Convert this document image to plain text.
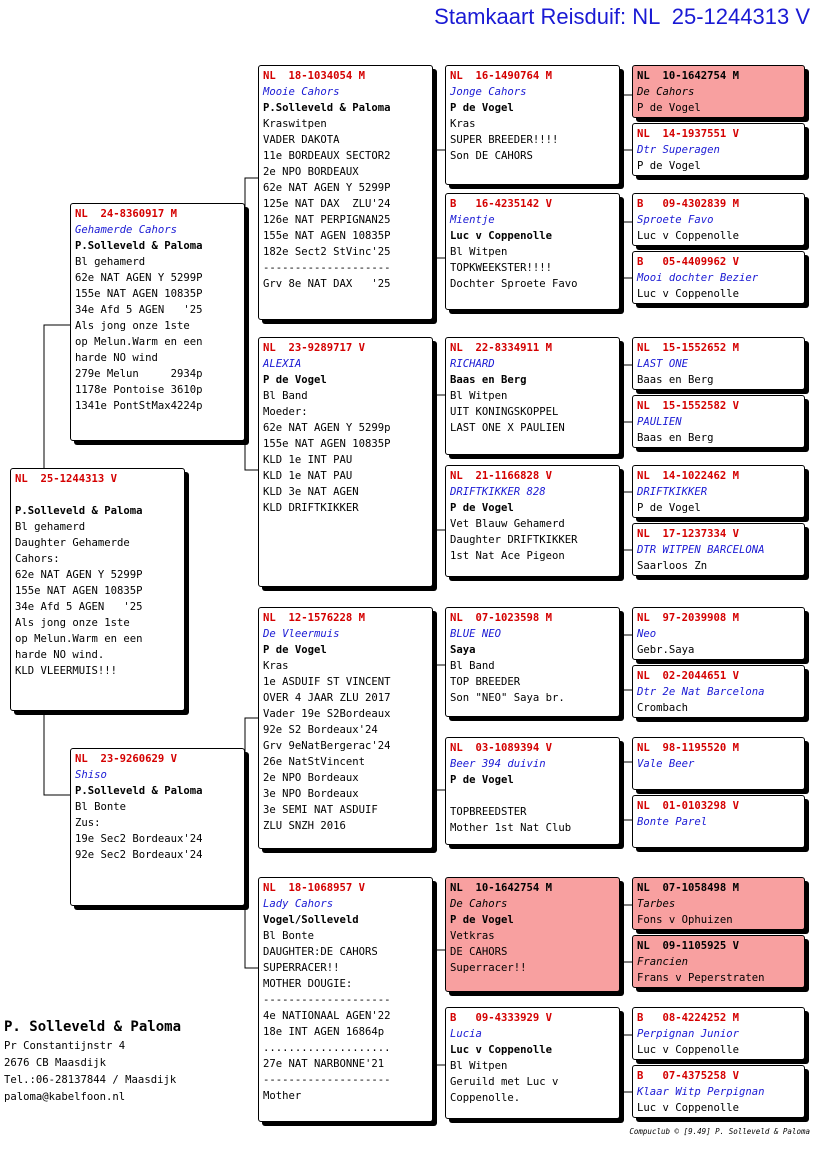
Stamkaart Reisduif: NL  25-1244313 V
NL  25-1244313 V
P.Solleveld & Paloma
Bl gehamerd
Daughter Gehamerde
Cahors:
62e NAT AGEN Y 5299P
155e NAT AGEN 10835P
34e Afd 5 AGEN   '25
Als jong onze 1ste
op Melun.Warm en een
harde NO wind.
KLD VLEERMUIS!!!
NL  24-8360917 M
Gehamerde Cahors
P.Solleveld & Paloma
Bl gehamerd
62e NAT AGEN Y 5299P
155e NAT AGEN 10835P
34e Afd 5 AGEN   '25
Als jong onze 1ste
op Melun.Warm en een
harde NO wind
279e Melun     2934p
1178e Pontoise 3610p
1341e PontStMax4224p
NL  23-9260629 V
Shiso
P.Solleveld & Paloma
Bl Bonte
Zus:
19e Sec2 Bordeaux'24
92e Sec2 Bordeaux'24
NL  18-1034054 M
Mooie Cahors
P.Solleveld & Paloma
Kraswitpen
VADER DAKOTA
11e BORDEAUX SECTOR2
2e NPO BORDEAUX
62e NAT AGEN Y 5299P
125e NAT DAX  ZLU'24
126e NAT PERPIGNAN25
155e NAT AGEN 10835P
182e Sect2 StVinc'25
--------------------
Grv 8e NAT DAX   '25
NL  23-9289717 V
ALEXIA
P de Vogel
Bl Band
Moeder:
62e NAT AGEN Y 5299p
155e NAT AGEN 10835P
KLD 1e INT PAU
KLD 1e NAT PAU
KLD 3e NAT AGEN
KLD DRIFTKIKKER
NL  12-1576228 M
De Vleermuis
P de Vogel
Kras
1e ASDUIF ST VINCENT
OVER 4 JAAR ZLU 2017
Vader 19e S2Bordeaux
92e S2 Bordeaux'24
Grv 9eNatBergerac'24
26e NatStVincent
2e NPO Bordeaux
3e NPO Bordeaux
3e SEMI NAT ASDUIF
ZLU SNZH 2016
NL  18-1068957 V
Lady Cahors
Vogel/Solleveld
Bl Bonte
DAUGHTER:DE CAHORS
SUPERRACER!!
MOTHER DOUGIE:
--------------------
4e NATIONAAL AGEN'22
18e INT AGEN 16864p
....................
27e NAT NARBONNE'21
--------------------
Mother
NL  16-1490764 M
Jonge Cahors
P de Vogel
Kras
SUPER BREEDER!!!!
Son DE CAHORS
B   16-4235142 V
Mientje
Luc v Coppenolle
Bl Witpen
TOPKWEEKSTER!!!!
Dochter Sproete Favo
NL  22-8334911 M
RICHARD
Baas en Berg
Bl Witpen
UIT KONINGSKOPPEL
LAST ONE X PAULIEN
NL  21-1166828 V
DRIFTKIKKER 828
P de Vogel
Vet Blauw Gehamerd
Daughter DRIFTKIKKER
1st Nat Ace Pigeon
NL  07-1023598 M
BLUE NEO
Saya
Bl Band
TOP BREEDER
Son "NEO" Saya br.
NL  03-1089394 V
Beer 394 duivin
P de Vogel
TOPBREEDSTER
Mother 1st Nat Club
NL  10-1642754 M
De Cahors
P de Vogel
Vetkras
DE CAHORS
Superracer!!
B   09-4333929 V
Lucia
Luc v Coppenolle
Bl Witpen
Geruild met Luc v
Coppenolle.
NL  10-1642754 M
De Cahors
P de Vogel
NL  14-1937551 V
Dtr Superagen
P de Vogel
B   09-4302839 M
Sproete Favo
Luc v Coppenolle
B   05-4409962 V
Mooi dochter Bezier
Luc v Coppenolle
NL  15-1552652 M
LAST ONE
Baas en Berg
NL  15-1552582 V
PAULIEN
Baas en Berg
NL  14-1022462 M
DRIFTKIKKER
P de Vogel
NL  17-1237334 V
DTR WITPEN BARCELONA
Saarloos Zn
NL  97-2039908 M
Neo
Gebr.Saya
NL  02-2044651 V
Dtr 2e Nat Barcelona
Crombach
NL  98-1195520 M
Vale Beer
NL  01-0103298 V
Bonte Parel
NL  07-1058498 M
Tarbes
Fons v Ophuizen
NL  09-1105925 V
Francien
Frans v Peperstraten
B   08-4224252 M
Perpignan Junior
Luc v Coppenolle
B   07-4375258 V
Klaar Witp Perpignan
Luc v Coppenolle
P. Solleveld & Paloma
Pr Constantijnstr 4
2676 CB Maasdijk
Tel.:06-28137844 / Maasdijk
paloma@kabelfoon.nl
Compuclub © [9.49] P. Solleveld & Paloma
